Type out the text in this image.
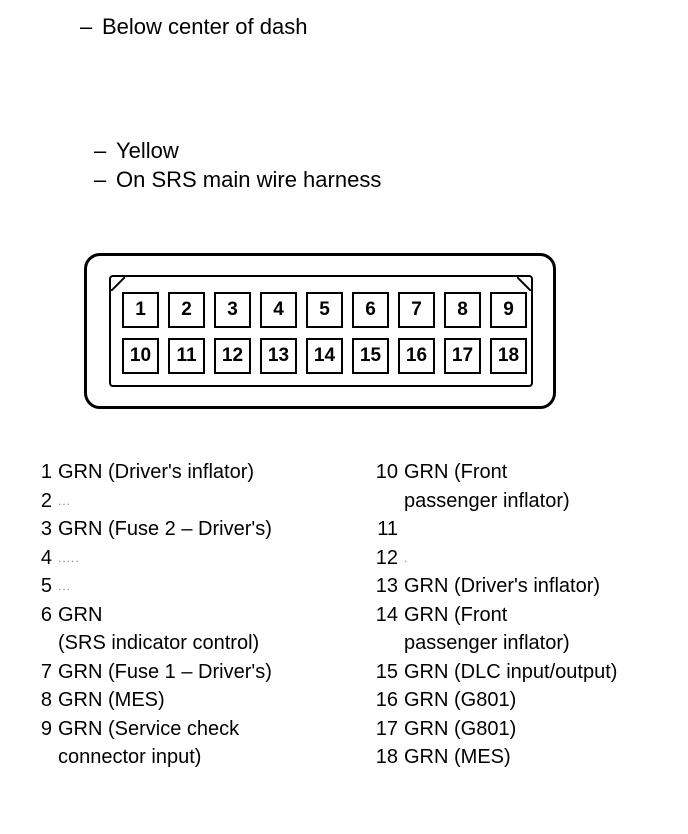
– Below center of dash
– Yellow
– On SRS main wire harness
1	2	3	4	5	6	7	8	9
10	11	12	13	14	15	16	17	18
1 GRN (Driver's inflator)
2 ...
3 GRN (Fuse 2 – Driver's)
4 .....
5 ...
6 GRN
(SRS indicator control)
7 GRN (Fuse 1 – Driver's)
8 GRN (MES)
9 GRN (Service check
connector input)
10 GRN (Front
passenger inflator)
11

12 .
13 GRN (Driver's inflator)
14 GRN (Front
passenger inflator)
15 GRN (DLC input/output)
16 GRN (G801)
17 GRN (G801)
18 GRN (MES)
